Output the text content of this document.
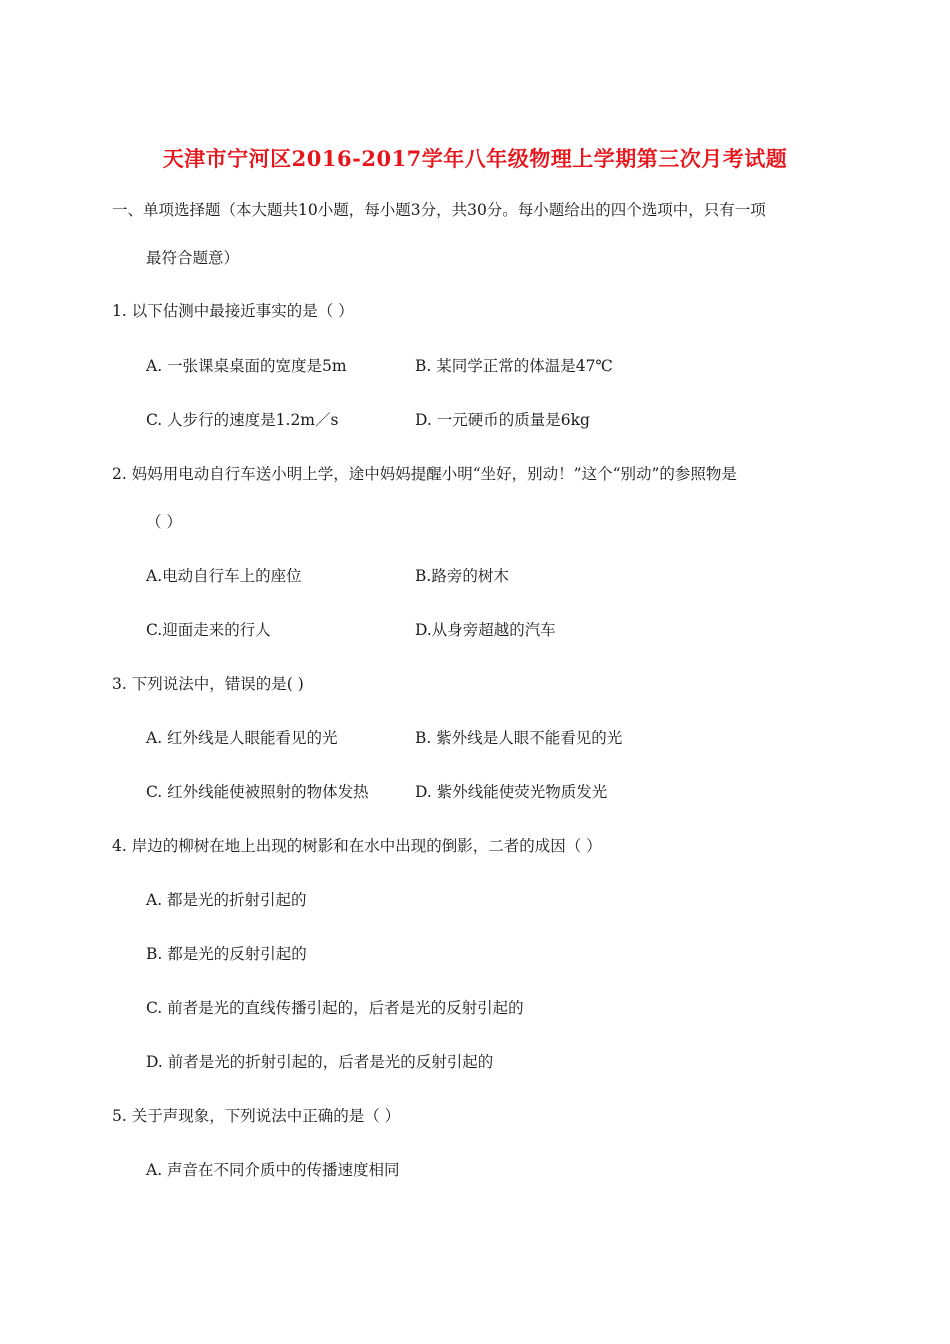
天津市宁河区2016-2017学年八年级物理上学期第三次月考试题
一、单项选择题（本大题共10小题，每小题3分，共30分。每小题给出的四个选项中，只有一项
最符合题意）
1. 以下估测中最接近事实的是（ ）
A. 一张课桌桌面的宽度是5m	B. 某同学正常的体温是47℃
C. 人步行的速度是1.2m／s	D. 一元硬币的质量是6kg
2. 妈妈用电动自行车送小明上学，途中妈妈提醒小明“坐好，别动！”这个“别动”的参照物是
（ ）
A.电动自行车上的座位	B.路旁的树木
C.迎面走来的行人	D.从身旁超越的汽车
3. 下列说法中，错误的是( )
A. 红外线是人眼能看见的光	B. 紫外线是人眼不能看见的光
C. 红外线能使被照射的物体发热	D. 紫外线能使荧光物质发光
4. 岸边的柳树在地上出现的树影和在水中出现的倒影，二者的成因（ ）
A. 都是光的折射引起的
B. 都是光的反射引起的
C. 前者是光的直线传播引起的，后者是光的反射引起的
D. 前者是光的折射引起的，后者是光的反射引起的
5. 关于声现象，下列说法中正确的是（ ）
A. 声音在不同介质中的传播速度相同
